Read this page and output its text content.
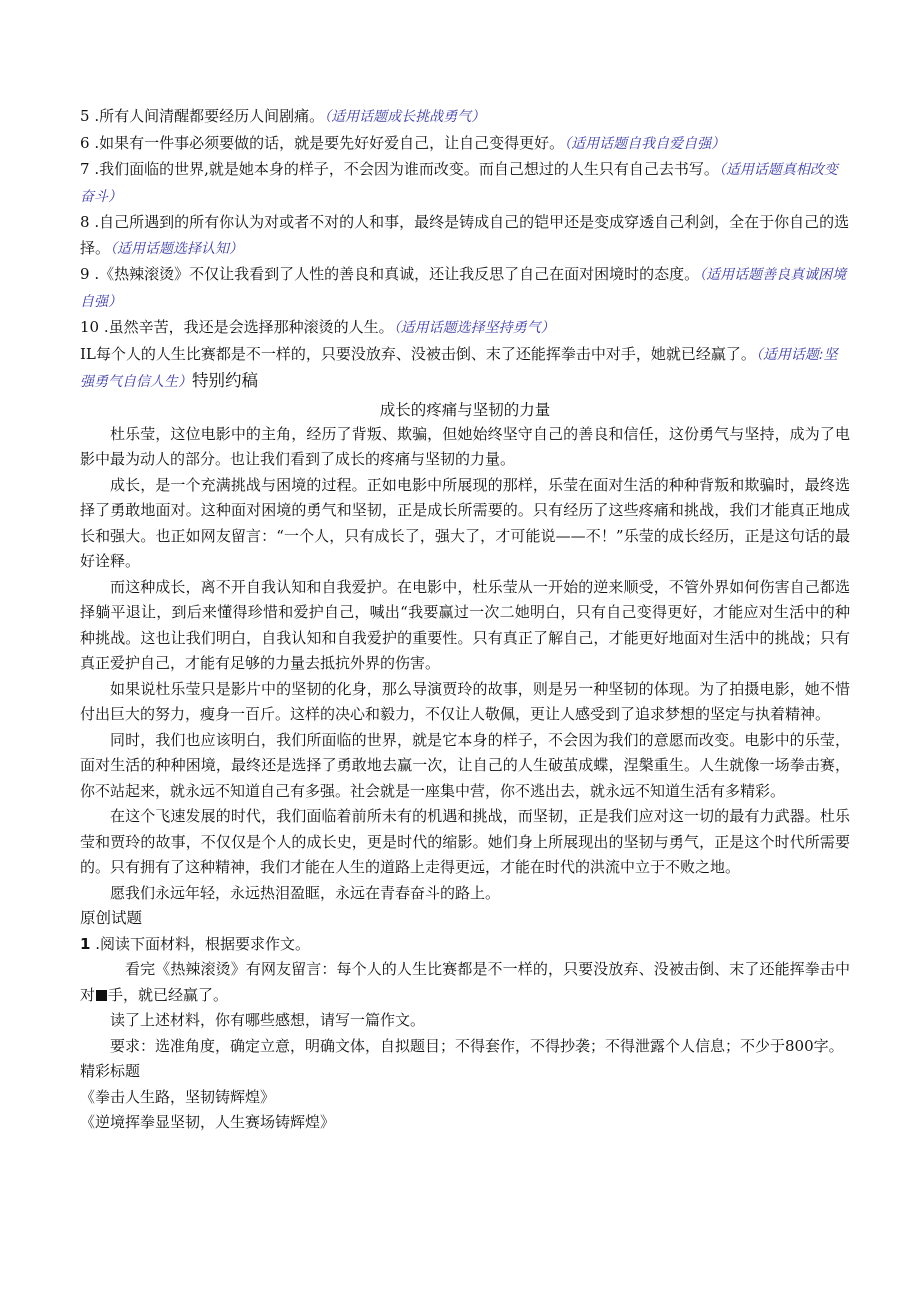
5 .所有人间清醒都要经历人间剧痛。（适用话题成长挑战勇气）

6 .如果有一件事必须要做的话，就是要先好好爱自己，让自己变得更好。（适用话题自我自爱自强）

7 .我们面临的世界,就是她本身的样子，不会因为谁而改变。而自己想过的人生只有自己去书写。（适用话题真相改变奋斗）

8 .自己所遇到的所有你认为对或者不对的人和事，最终是铸成自己的铠甲还是变成穿透自己利剑，全在于你自己的选择。（适用话题选择认知）

9 .《热辣滚烫》不仅让我看到了人性的善良和真诚，还让我反思了自己在面对困境时的态度。（适用话题善良真诚困境自强）

10 .虽然辛苦，我还是会选择那种滚烫的人生。（适用话题选择坚持勇气）

IL每个人的人生比赛都是不一样的，只要没放弃、没被击倒、末了还能挥拳击中对手，她就已经赢了。（适用话题:坚强勇气自信人生）特别约稿

成长的疼痛与坚韧的力量

杜乐莹，这位电影中的主角，经历了背叛、欺骗，但她始终坚守自己的善良和信任，这份勇气与坚持，成为了电影中最为动人的部分。也让我们看到了成长的疼痛与坚韧的力量。

成长，是一个充满挑战与困境的过程。正如电影中所展现的那样，乐莹在面对生活的种种背叛和欺骗时，最终选择了勇敢地面对。这种面对困境的勇气和坚韧，正是成长所需要的。只有经历了这些疼痛和挑战，我们才能真正地成长和强大。也正如网友留言：“一个人，只有成长了，强大了，才可能说——不！”乐莹的成长经历，正是这句话的最好诠释。

而这种成长，离不开自我认知和自我爱护。在电影中，杜乐莹从一开始的逆来顺受，不管外界如何伤害自己都选择躺平退让，到后来懂得珍惜和爱护自己，喊出“我要赢过一次二她明白，只有自己变得更好，才能应对生活中的种种挑战。这也让我们明白，自我认知和自我爱护的重要性。只有真正了解自己，才能更好地面对生活中的挑战；只有真正爱护自己，才能有足够的力量去抵抗外界的伤害。

如果说杜乐莹只是影片中的坚韧的化身，那么导演贾玲的故事，则是另一种坚韧的体现。为了拍摄电影，她不惜付出巨大的努力，瘦身一百斤。这样的决心和毅力，不仅让人敬佩，更让人感受到了追求梦想的坚定与执着精神。

同时，我们也应该明白，我们所面临的世界，就是它本身的样子，不会因为我们的意愿而改变。电影中的乐莹，面对生活的种种困境，最终还是选择了勇敢地去赢一次，让自己的人生破茧成蝶，涅槃重生。人生就像一场拳击赛，你不站起来，就永远不知道自己有多强。社会就是一座集中营，你不逃出去，就永远不知道生活有多精彩。

在这个飞速发展的时代，我们面临着前所未有的机遇和挑战，而坚韧，正是我们应对这一切的最有力武器。杜乐莹和贾玲的故事，不仅仅是个人的成长史，更是时代的缩影。她们身上所展现出的坚韧与勇气，正是这个时代所需要的。只有拥有了这种精神，我们才能在人生的道路上走得更远，才能在时代的洪流中立于不败之地。

愿我们永远年轻，永远热泪盈眶，永远在青春奋斗的路上。

原创试题

1 .阅读下面材料，根据要求作文。

看完《热辣滚烫》有网友留言：每个人的人生比赛都是不一样的，只要没放弃、没被击倒、末了还能挥拳击中对 手，就已经赢了。

读了上述材料，你有哪些感想，请写一篇作文。

要求：选准角度，确定立意，明确文体，自拟题目；不得套作，不得抄袭；不得泄露个人信息；不少于800字。

精彩标题

《拳击人生路，坚韧铸辉煌》

《逆境挥拳显坚韧，人生赛场铸辉煌》
